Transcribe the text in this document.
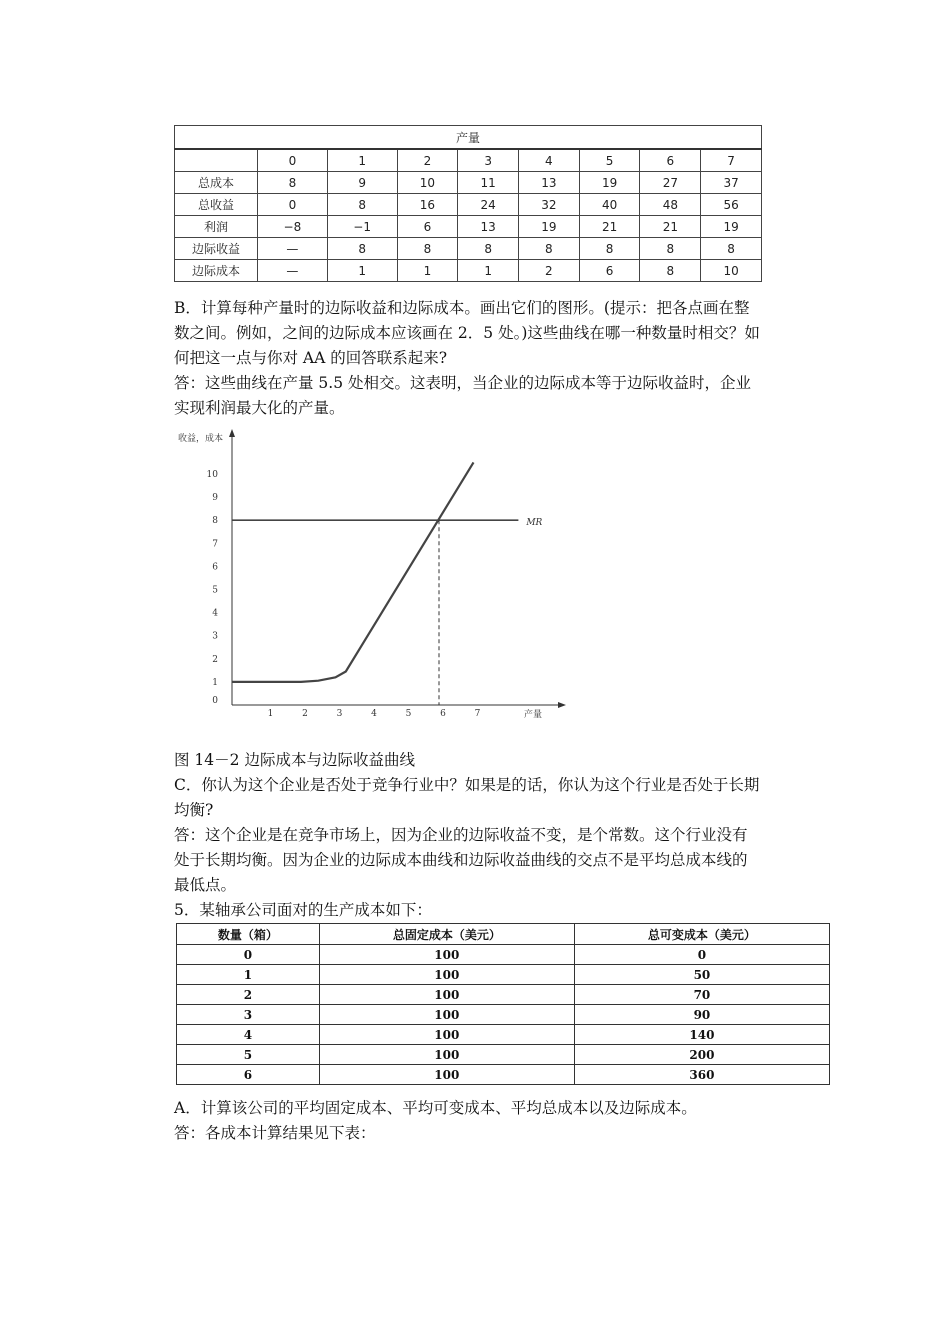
产量								
	0	1	2	3	4	5	6	7
总成本	8	9	10	11	13	19	27	37
总收益	0	8	16	24	32	40	48	56
利润	−8	−1	6	13	19	21	21	19
边际收益	—	8	8	8	8	8	8	8
边际成本	—	1	1	1	2	6	8	10

B．计算每种产量时的边际收益和边际成本。画出它们的图形。(提示：把各点画在整

数之间。例如，之间的边际成本应该画在 2．5 处。)这些曲线在哪一种数量时相交？如

何把这一点与你对 AA 的回答联系起来?

答：这些曲线在产量 5.5 处相交。这表明，当企业的边际成本等于边际收益时，企业

实现利润最大化的产量。

收益，成本
产量
0
1
2
3
4
5
6
7
8
9
10
1	2	3	4	5	6	7
MR

图 14－2 边际成本与边际收益曲线

C．你认为这个企业是否处于竞争行业中？如果是的话，你认为这个行业是否处于长期

均衡?

答：这个企业是在竞争市场上，因为企业的边际收益不变，是个常数。这个行业没有

处于长期均衡。因为企业的边际成本曲线和边际收益曲线的交点不是平均总成本线的

最低点。

5．某轴承公司面对的生产成本如下：

数量（箱）	总固定成本（美元）	总可变成本（美元）
0	100	0
1	100	50
2	100	70
3	100	90
4	100	140
5	100	200
6	100	360

A．计算该公司的平均固定成本、平均可变成本、平均总成本以及边际成本。

答：各成本计算结果见下表：
